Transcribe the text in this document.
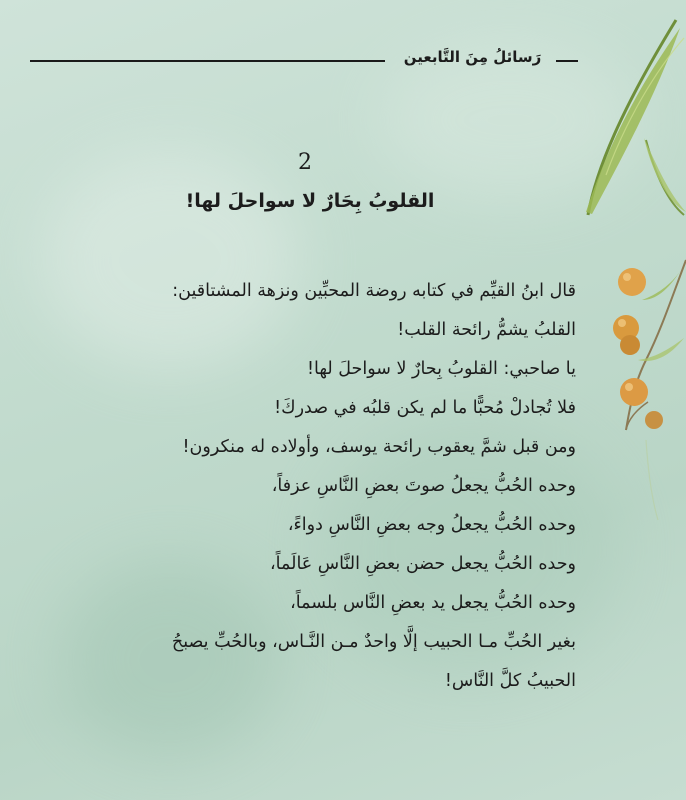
رَسائلُ مِنَ التَّابعين
2
القلوبُ بِحَارٌ لا سواحلَ لها!
قال ابنُ القيِّم في كتابه روضة المحبِّين ونزهة المشتاقين:
القلبُ يشمُّ رائحة القلب!
يا صاحبي: القلوبُ بِحارٌ لا سواحلَ لها!
فلا تُجادلْ مُحبًّا ما لم يكن قلبُه في صدركَ!
ومن قبل شمَّ يعقوب رائحة يوسف، وأولاده له منكرون!
وحده الحُبُّ يجعلُ صوتَ بعضِ النَّاسِ عزفاً،
وحده الحُبُّ يجعلُ وجه بعضِ النَّاسِ دواءً،
وحده الحُبُّ يجعل حضن بعضِ النَّاسِ عَالَماً،
وحده الحُبُّ يجعل يد بعضِ النَّاس بلسماً،
بغير الحُبِّ مـا الحبيب إلَّا واحدٌ مـن النَّـاس، وبالحُبِّ يصبحُ
الحبيبُ كلَّ النَّاس!
